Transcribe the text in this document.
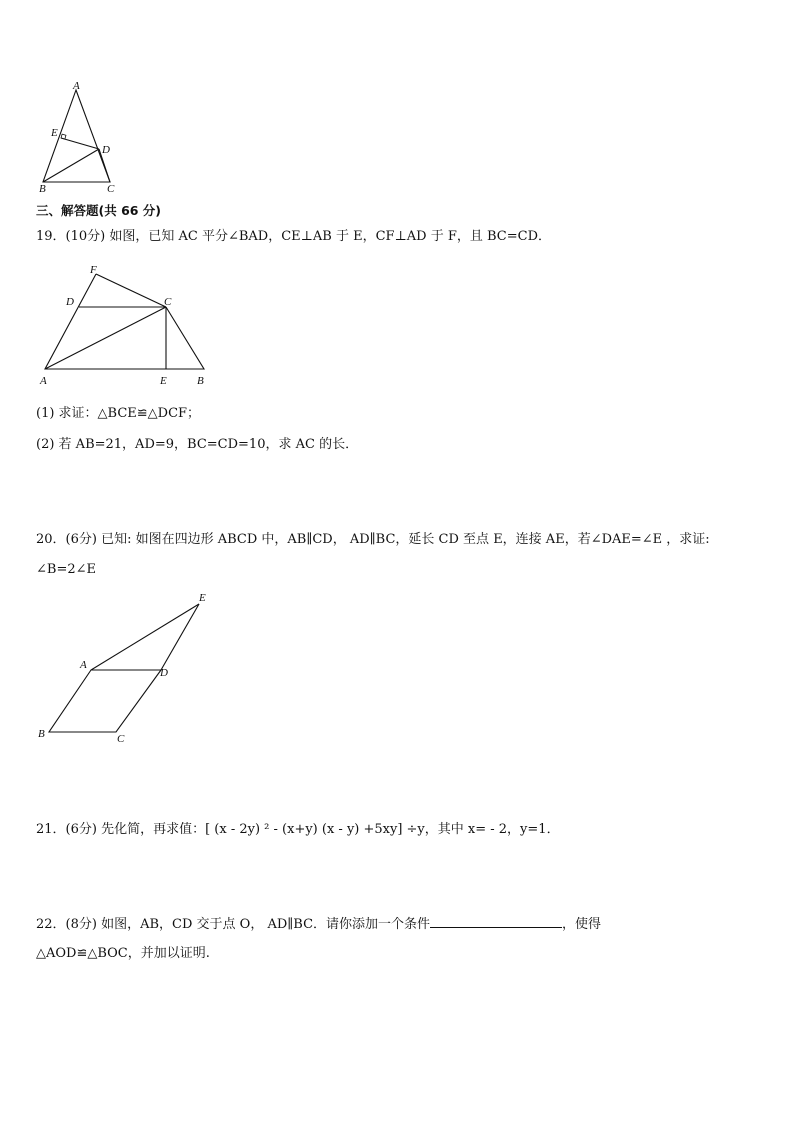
A
E
D
B	C
三、解答题(共 66 分)
19．(10分) 如图，已知 AC 平分∠BAD，CE⊥AB 于 E，CF⊥AD 于 F，且 BC=CD．
F
D	C
A	E	B
(1) 求证：△BCE≌△DCF；
(2) 若 AB=21，AD=9，BC=CD=10，求 AC 的长．
20．(6分) 已知: 如图在四边形 ABCD 中，AB∥CD， AD∥BC，延长 CD 至点 E，连接 AE，若∠DAE=∠E ，求证:
∠B=2∠E
E
A
D
B	C
21．(6分) 先化简，再求值：[ (x - 2y) ² - (x+y) (x - y) +5xy] ÷y，其中 x= - 2，y=1．
22．(8分) 如图，AB，CD 交于点 O， AD∥BC．请你添加一个条件	，使得
△AOD≌△BOC，并加以证明.
